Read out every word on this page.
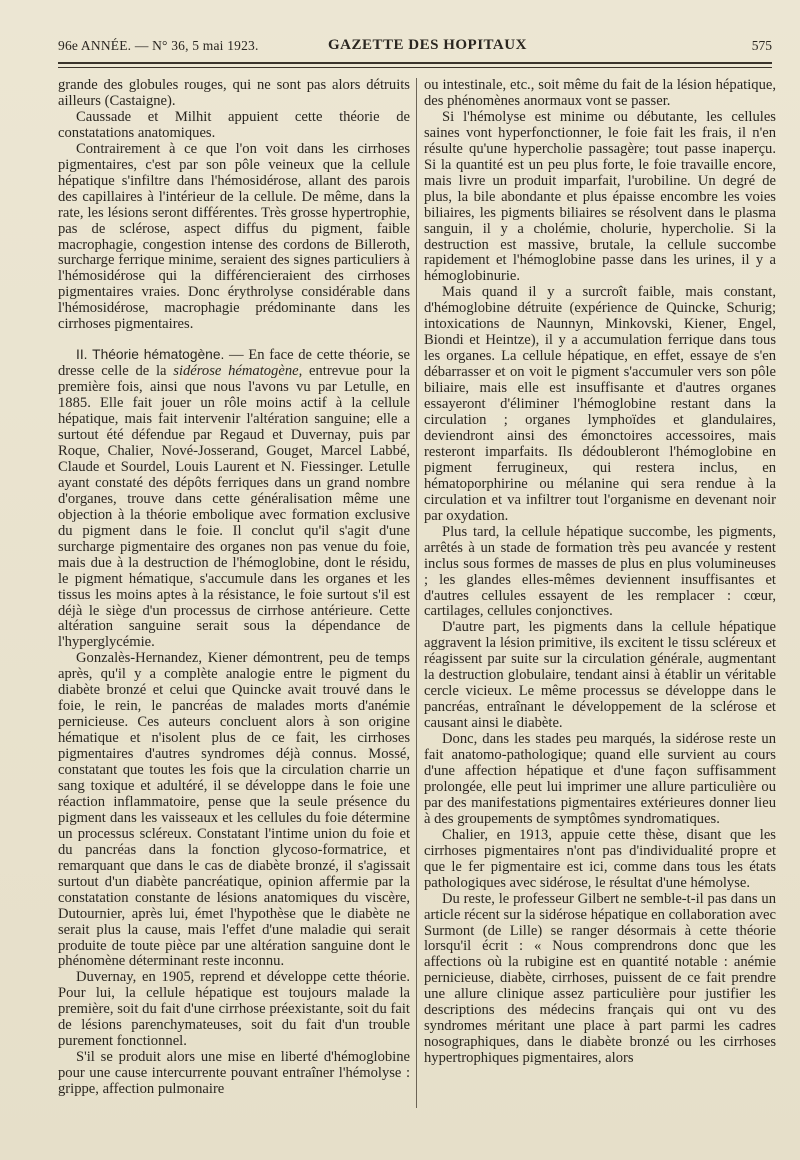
96e ANNÉE. — N° 36, 5 mai 1923.	GAZETTE DES HOPITAUX	575

grande des globules rouges, qui ne sont pas alors détruits ailleurs (Castaigne).

Caussade et Milhit appuient cette théorie de constatations anatomiques.

Contrairement à ce que l'on voit dans les cirrhoses pigmentaires, c'est par son pôle veineux que la cellule hépatique s'infiltre dans l'hémosidérose, allant des parois des capillaires à l'intérieur de la cellule. De même, dans la rate, les lésions seront différentes. Très grosse hypertrophie, pas de sclérose, aspect diffus du pigment, faible macrophagie, congestion intense des cordons de Billeroth, surcharge ferrique minime, seraient des signes particuliers à l'hémosidérose qui la différencieraient des cirrhoses pigmentaires vraies. Donc érythrolyse considérable dans l'hémosidérose, macrophagie prédominante dans les cirrhoses pigmentaires.

II. Théorie hématogène. — En face de cette théorie, se dresse celle de la sidérose hématogène, entrevue pour la première fois, ainsi que nous l'avons vu par Letulle, en 1885. Elle fait jouer un rôle moins actif à la cellule hépatique, mais fait intervenir l'altération sanguine; elle a surtout été défendue par Regaud et Duvernay, puis par Roque, Chalier, Nové-Josserand, Gouget, Marcel Labbé, Claude et Sourdel, Louis Laurent et N. Fiessinger. Letulle ayant constaté des dépôts ferriques dans un grand nombre d'organes, trouve dans cette généralisation même une objection à la théorie embolique avec formation exclusive du pigment dans le foie. Il conclut qu'il s'agit d'une surcharge pigmentaire des organes non pas venue du foie, mais due à la destruction de l'hémoglobine, dont le résidu, le pigment hématique, s'accumule dans les organes et les tissus les moins aptes à la résistance, le foie surtout s'il est déjà le siège d'un processus de cirrhose antérieure. Cette altération sanguine serait sous la dépendance de l'hyperglycémie.

Gonzalès-Hernandez, Kiener démontrent, peu de temps après, qu'il y a complète analogie entre le pigment du diabète bronzé et celui que Quincke avait trouvé dans le foie, le rein, le pancréas de malades morts d'anémie pernicieuse. Ces auteurs concluent alors à son origine hématique et n'isolent plus de ce fait, les cirrhoses pigmentaires d'autres syndromes déjà connus. Mossé, constatant que toutes les fois que la circulation charrie un sang toxique et adultéré, il se développe dans le foie une réaction inflammatoire, pense que la seule présence du pigment dans les vaisseaux et les cellules du foie détermine un processus scléreux. Constatant l'intime union du foie et du pancréas dans la fonction glycoso-formatrice, et remarquant que dans le cas de diabète bronzé, il s'agissait surtout d'un diabète pancréatique, opinion affermie par la constatation constante de lésions anatomiques du viscère, Dutournier, après lui, émet l'hypothèse que le diabète ne serait plus la cause, mais l'effet d'une maladie qui serait produite de toute pièce par une altération sanguine dont le phénomène déterminant reste inconnu.

Duvernay, en 1905, reprend et développe cette théorie. Pour lui, la cellule hépatique est toujours malade la première, soit du fait d'une cirrhose préexistante, soit du fait de lésions parenchymateuses, soit du fait d'un trouble purement fonctionnel.

S'il se produit alors une mise en liberté d'hémoglobine pour une cause intercurrente pouvant entraîner l'hémolyse : grippe, affection pulmonaire

ou intestinale, etc., soit même du fait de la lésion hépatique, des phénomènes anormaux vont se passer.

Si l'hémolyse est minime ou débutante, les cellules saines vont hyperfonctionner, le foie fait les frais, il n'en résulte qu'une hypercholie passagère; tout passe inaperçu. Si la quantité est un peu plus forte, le foie travaille encore, mais livre un produit imparfait, l'urobiline. Un degré de plus, la bile abondante et plus épaisse encombre les voies biliaires, les pigments biliaires se résolvent dans le plasma sanguin, il y a cholémie, cholurie, hypercholie. Si la destruction est massive, brutale, la cellule succombe rapidement et l'hémoglobine passe dans les urines, il y a hémoglobinurie.

Mais quand il y a surcroît faible, mais constant, d'hémoglobine détruite (expérience de Quincke, Schurig; intoxications de Naunnyn, Minkovski, Kiener, Engel, Biondi et Heintze), il y a accumulation ferrique dans tous les organes. La cellule hépatique, en effet, essaye de s'en débarrasser et on voit le pigment s'accumuler vers son pôle biliaire, mais elle est insuffisante et d'autres organes essayeront d'éliminer l'hémoglobine restant dans la circulation ; organes lymphoïdes et glandulaires, deviendront ainsi des émonctoires accessoires, mais resteront imparfaits. Ils dédoubleront l'hémoglobine en pigment ferrugineux, qui restera inclus, en hématoporphirine ou mélanine qui sera rendue à la circulation et va infiltrer tout l'organisme en devenant noir par oxydation.

Plus tard, la cellule hépatique succombe, les pigments, arrêtés à un stade de formation très peu avancée y restent inclus sous formes de masses de plus en plus volumineuses ; les glandes elles-mêmes deviennent insuffisantes et d'autres cellules essayent de les remplacer : cœur, cartilages, cellules conjonctives.

D'autre part, les pigments dans la cellule hépatique aggravent la lésion primitive, ils excitent le tissu scléreux et réagissent par suite sur la circulation générale, augmentant la destruction globulaire, tendant ainsi à établir un véritable cercle vicieux. Le même processus se développe dans le pancréas, entraînant le développement de la sclérose et causant ainsi le diabète.

Donc, dans les stades peu marqués, la sidérose reste un fait anatomo-pathologique; quand elle survient au cours d'une affection hépatique et d'une façon suffisamment prolongée, elle peut lui imprimer une allure particulière ou par des manifestations pigmentaires extérieures donner lieu à des groupements de symptômes syndromatiques.

Chalier, en 1913, appuie cette thèse, disant que les cirrhoses pigmentaires n'ont pas d'individualité propre et que le fer pigmentaire est ici, comme dans tous les états pathologiques avec sidérose, le résultat d'une hémolyse.

Du reste, le professeur Gilbert ne semble-t-il pas dans un article récent sur la sidérose hépatique en collaboration avec Surmont (de Lille) se ranger désormais à cette théorie lorsqu'il écrit : « Nous comprendrons donc que les affections où la rubigine est en quantité notable : anémie pernicieuse, diabète, cirrhoses, puissent de ce fait prendre une allure clinique assez particulière pour justifier les descriptions des médecins français qui ont vu des syndromes méritant une place à part parmi les cadres nosographiques, dans le diabète bronzé ou les cirrhoses hypertrophiques pigmentaires, alors
